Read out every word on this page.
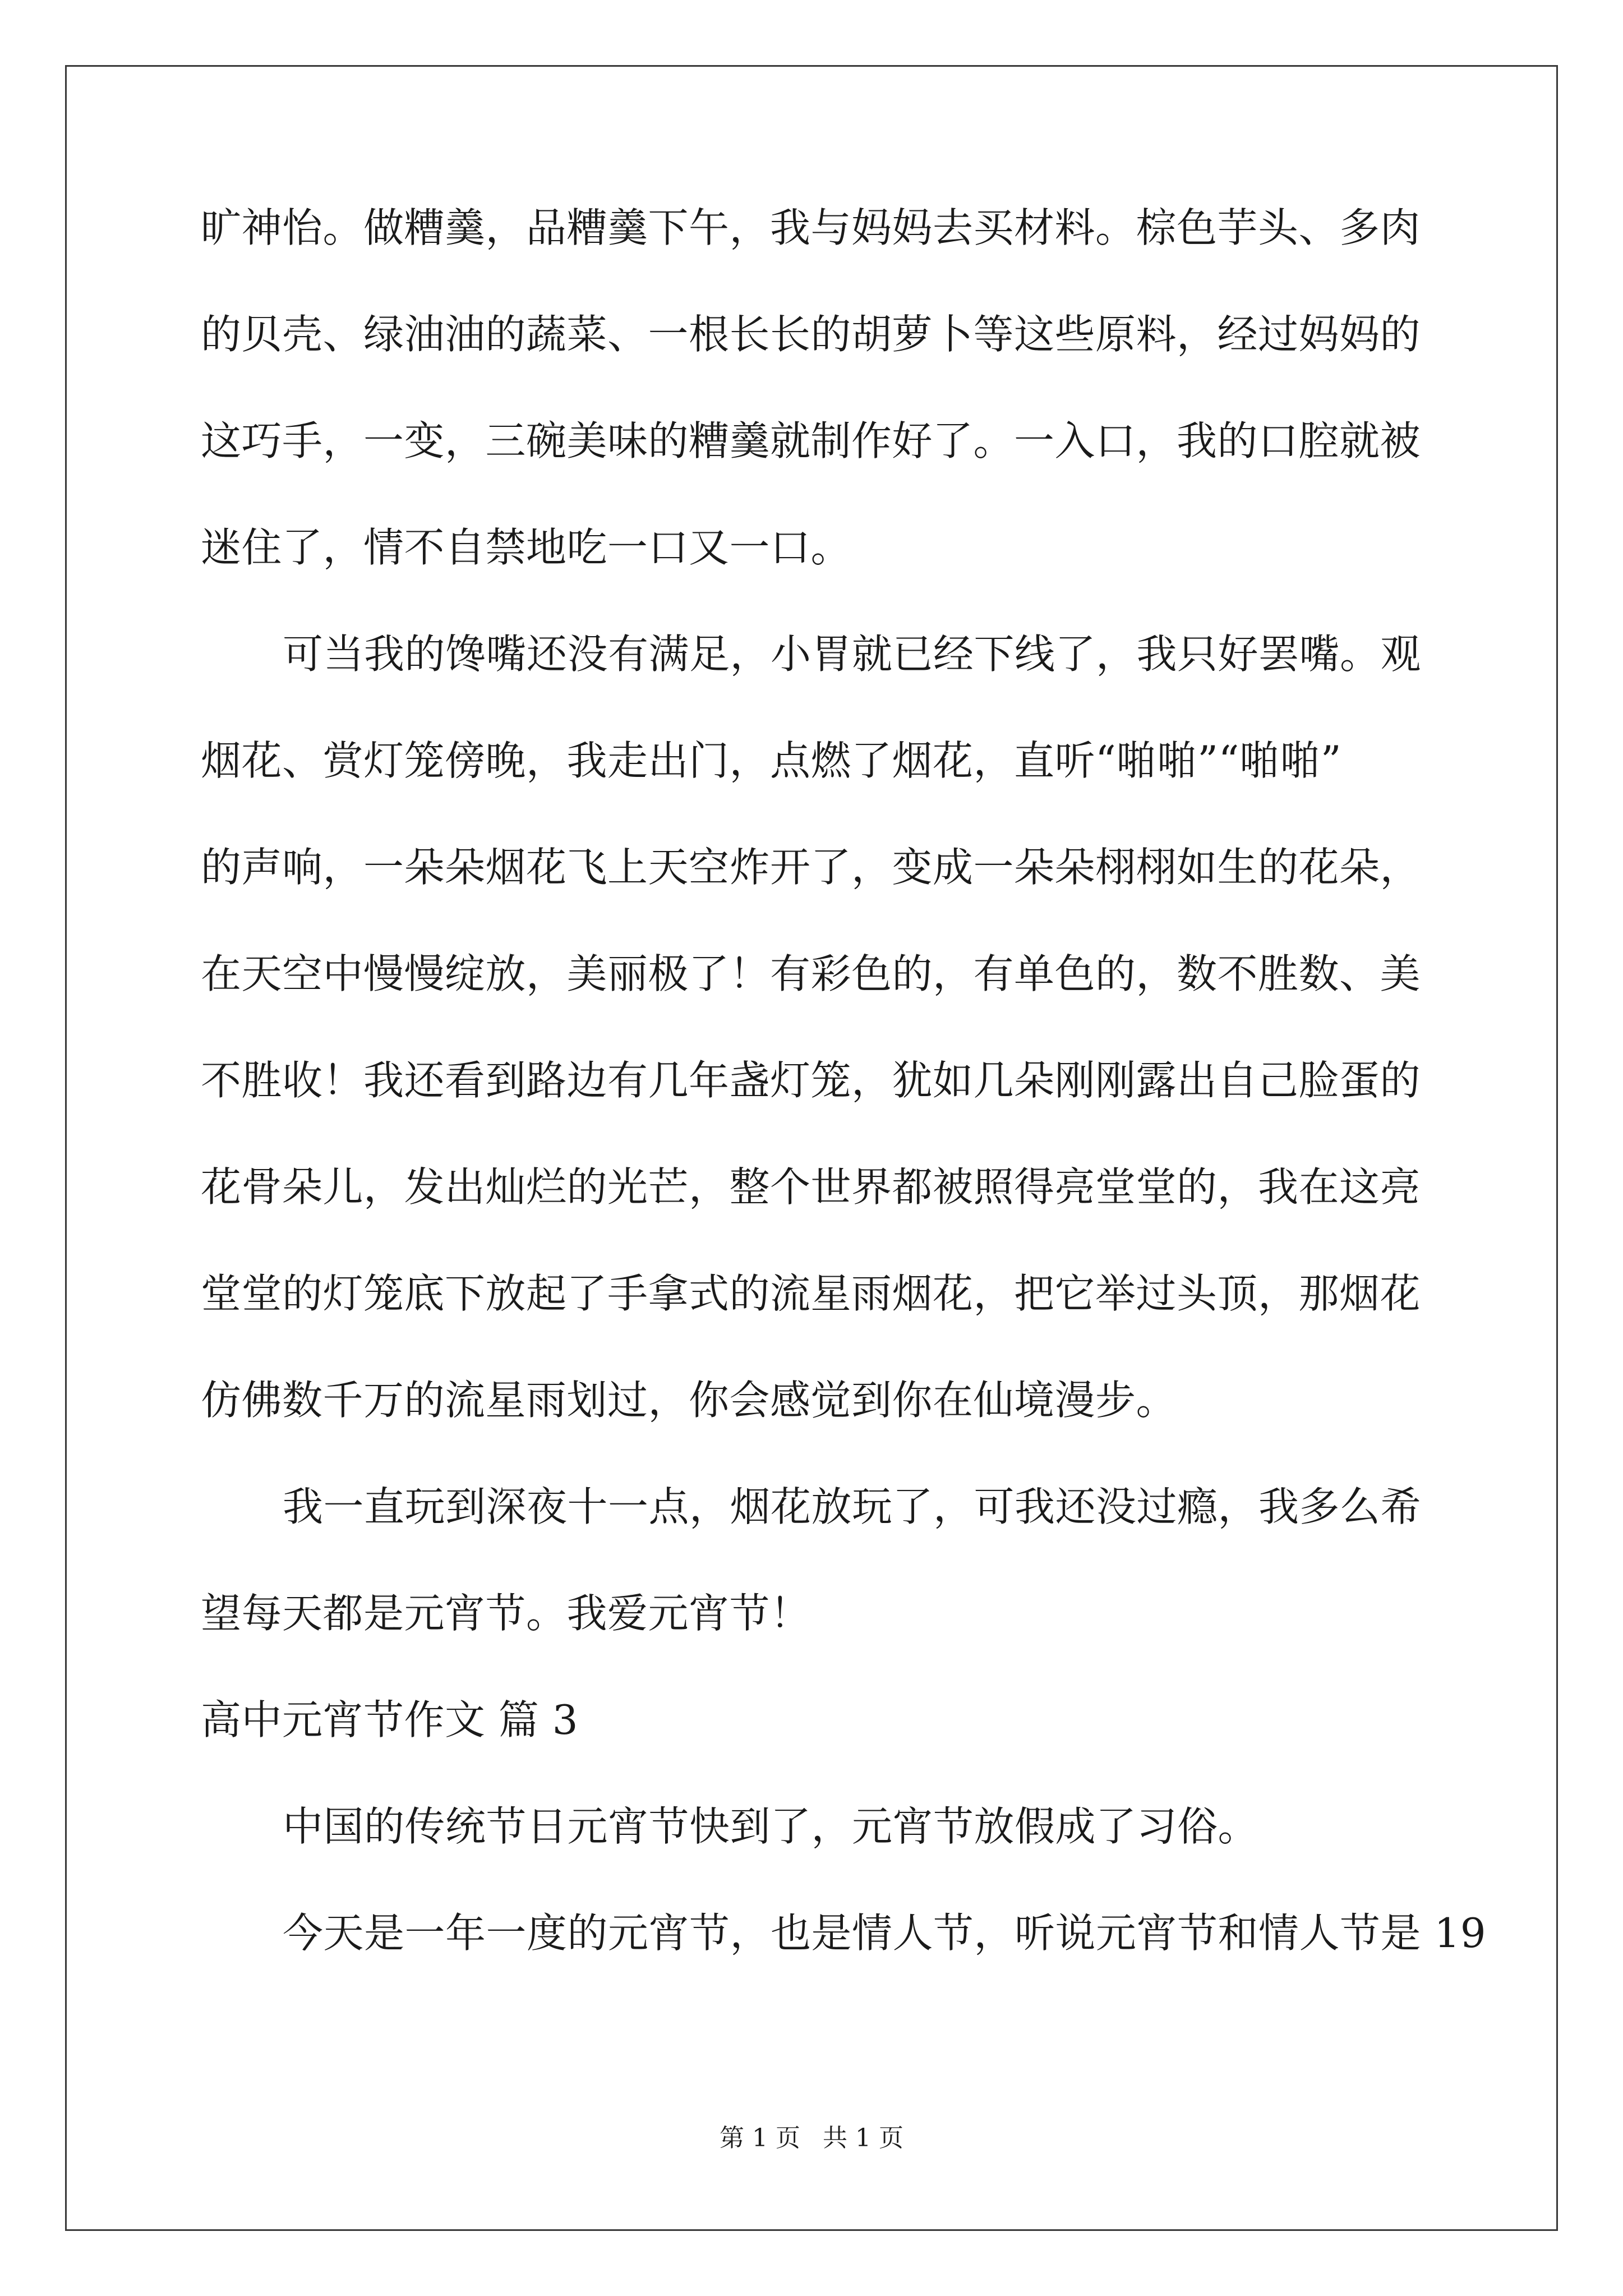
旷神怡。做糟羹，品糟羹下午，我与妈妈去买材料。棕色芋头、多肉
的贝壳、绿油油的蔬菜、一根长长的胡萝卜等这些原料，经过妈妈的
这巧手，一变，三碗美味的糟羹就制作好了。一入口，我的口腔就被
迷住了，情不自禁地吃一口又一口。
可当我的馋嘴还没有满足，小胃就已经下线了，我只好罢嘴。观
烟花、赏灯笼傍晚，我走出门，点燃了烟花，直听“啪啪”“啪啪”
的声响，一朵朵烟花飞上天空炸开了，变成一朵朵栩栩如生的花朵，
在天空中慢慢绽放，美丽极了！有彩色的，有单色的，数不胜数、美
不胜收！我还看到路边有几年盏灯笼，犹如几朵刚刚露出自己脸蛋的
花骨朵儿，发出灿烂的光芒，整个世界都被照得亮堂堂的，我在这亮
堂堂的灯笼底下放起了手拿式的流星雨烟花，把它举过头顶，那烟花
仿佛数千万的流星雨划过，你会感觉到你在仙境漫步。
我一直玩到深夜十一点，烟花放玩了，可我还没过瘾，我多么希
望每天都是元宵节。我爱元宵节！
高中元宵节作文 篇 3
中国的传统节日元宵节快到了，元宵节放假成了习俗。
今天是一年一度的元宵节，也是情人节，听说元宵节和情人节是 19
第 1 页 共 1 页
